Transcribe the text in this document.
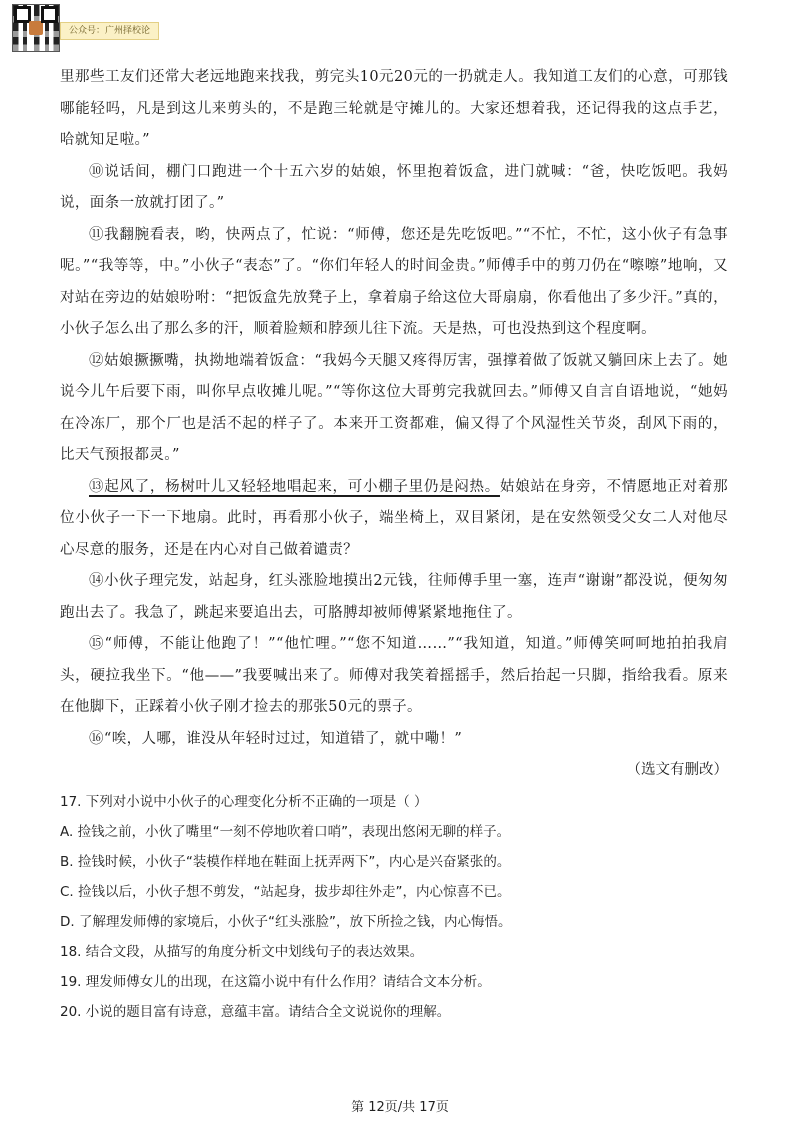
公众号：广州择校论

里那些工友们还常大老远地跑来找我，剪完头10元20元的一扔就走人。我知道工友们的心意，可那钱哪能轻吗，凡是到这儿来剪头的，不是跑三轮就是守摊儿的。大家还想着我，还记得我的这点手艺，哈就知足啦。”

⑩说话间，棚门口跑进一个十五六岁的姑娘，怀里抱着饭盒，进门就喊：“爸，快吃饭吧。我妈说，面条一放就打团了。”

⑪我翻腕看表，哟，快两点了，忙说：“师傅，您还是先吃饭吧。”“不忙，不忙，这小伙子有急事呢。”“我等等，中。”小伙子“表态”了。“你们年轻人的时间金贵。”师傅手中的剪刀仍在“嚓嚓”地响，又对站在旁边的姑娘吩咐：“把饭盒先放凳子上，拿着扇子给这位大哥扇扇，你看他出了多少汗。”真的，小伙子怎么出了那么多的汗，顺着脸颊和脖颈儿往下流。天是热，可也没热到这个程度啊。

⑫姑娘撅撅嘴，执拗地端着饭盒：“我妈今天腿又疼得厉害，强撑着做了饭就又躺回床上去了。她说今儿午后要下雨，叫你早点收摊儿呢。”“等你这位大哥剪完我就回去。”师傅又自言自语地说，“她妈在冷冻厂，那个厂也是活不起的样子了。本来开工资都难，偏又得了个风湿性关节炎，刮风下雨的，比天气预报都灵。”

⑬起风了，杨树叶儿又轻轻地唱起来，可小棚子里仍是闷热。姑娘站在身旁，不情愿地正对着那位小伙子一下一下地扇。此时，再看那小伙子，端坐椅上，双目紧闭，是在安然领受父女二人对他尽心尽意的服务，还是在内心对自己做着谴责？

⑭小伙子理完发，站起身，红头涨脸地摸出2元钱，往师傅手里一塞，连声“谢谢”都没说，便匆匆跑出去了。我急了，跳起来要追出去，可胳膊却被师傅紧紧地拖住了。

⑮“师傅，不能让他跑了！”“他忙哩。”“您不知道……”“我知道，知道。”师傅笑呵呵地拍拍我肩头，硬拉我坐下。“他——”我要喊出来了。师傅对我笑着摇摇手，然后抬起一只脚，指给我看。原来在他脚下，正踩着小伙子刚才捡去的那张50元的票子。

⑯“唉，人哪，谁没从年轻时过过，知道错了，就中嘞！”

（选文有删改）

17. 下列对小说中小伙子的心理变化分析不正确的一项是（ ）

A. 捡钱之前，小伙了嘴里“一刻不停地吹着口哨”，表现出悠闲无聊的样子。

B. 捡钱时候，小伙子“装模作样地在鞋面上抚弄两下”，内心是兴奋紧张的。

C. 捡钱以后，小伙子想不剪发，“站起身，拔步却往外走”，内心惊喜不已。

D. 了解理发师傅的家境后，小伙子“红头涨脸”，放下所捡之钱，内心悔悟。

18. 结合文段，从描写的角度分析文中划线句子的表达效果。

19. 理发师傅女儿的出现，在这篇小说中有什么作用？请结合文本分析。

20. 小说的题目富有诗意，意蕴丰富。请结合全文说说你的理解。

第 12页/共 17页
